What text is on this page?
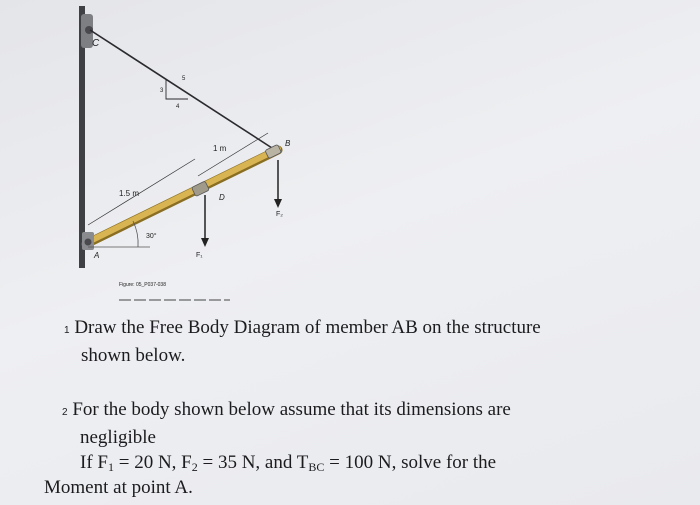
C
B
D
A	F₁
F₂
1 m
1.5 m
30°
5
3
4
Figure: 05_P037-038
1 Draw the Free Body Diagram of member AB on the structure
shown below.
2 For the body shown below assume that its dimensions are
negligible
If $F_1 = 20$ N, $F_2 = 35$ N, and $T_{BC} = 100$ N, solve for the
Moment at point A.
